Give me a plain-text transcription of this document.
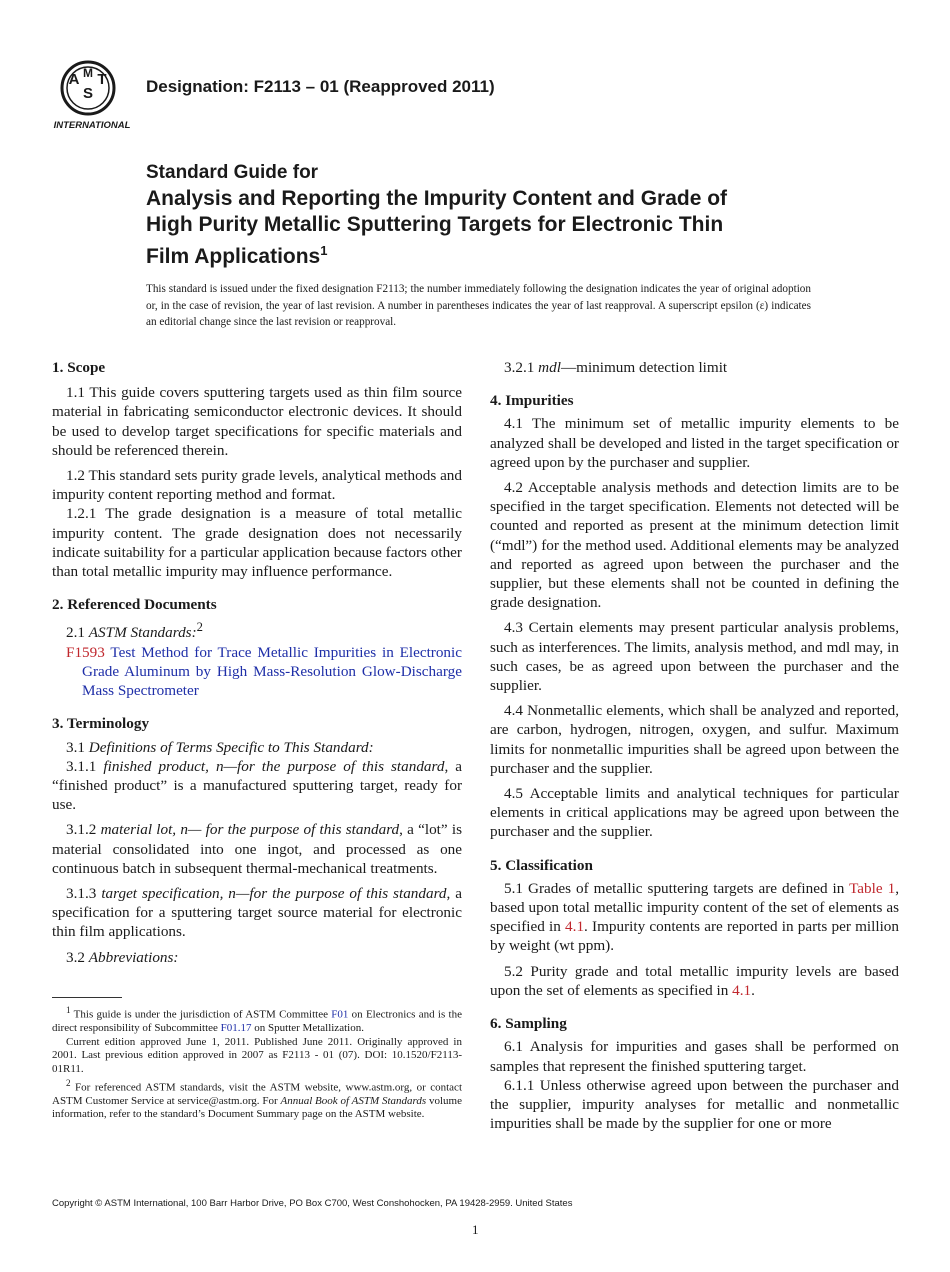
A
S
T
M
INTERNATIONAL
Designation: F2113 – 01 (Reapproved 2011)
Standard Guide for
Analysis and Reporting the Impurity Content and Grade of
High Purity Metallic Sputtering Targets for Electronic Thin
Film Applications$^1$
This standard is issued under the fixed designation F2113; the number immediately following the designation indicates the year of original adoption or, in the case of revision, the year of last revision. A number in parentheses indicates the year of last reapproval. A superscript epsilon (ε) indicates an editorial change since the last revision or reapproval.
1. Scope

1.1 This guide covers sputtering targets used as thin film source material in fabricating semiconductor electronic devices. It should be used to develop target specifications for specific materials and should be referenced therein.

1.2 This standard sets purity grade levels, analytical methods and impurity content reporting method and format.

1.2.1 The grade designation is a measure of total metallic impurity content. The grade designation does not necessarily indicate suitability for a particular application because factors other than total metallic impurity may influence performance.

2. Referenced Documents

2.1 ASTM Standards:$^2$

F1593 Test Method for Trace Metallic Impurities in Electronic Grade Aluminum by High Mass-Resolution Glow-Discharge Mass Spectrometer

3. Terminology

3.1 Definitions of Terms Specific to This Standard:

3.1.1 finished product, n—for the purpose of this standard, a “finished product” is a manufactured sputtering target, ready for use.

3.1.2 material lot, n— for the purpose of this standard, a “lot” is material consolidated into one ingot, and processed as one continuous batch in subsequent thermal-mechanical treatments.

3.1.3 target specification, n—for the purpose of this standard, a specification for a sputtering target source material for electronic thin film applications.

3.2 Abbreviations:

$^1$ This guide is under the jurisdiction of ASTM Committee F01 on Electronics and is the direct responsibility of Subcommittee F01.17 on Sputter Metallization.

Current edition approved June 1, 2011. Published June 2011. Originally approved in 2001. Last previous edition approved in 2007 as F2113 - 01 (07). DOI: 10.1520/F2113-01R11.

$^2$ For referenced ASTM standards, visit the ASTM website, www.astm.org, or contact ASTM Customer Service at service@astm.org. For Annual Book of ASTM Standards volume information, refer to the standard’s Document Summary page on the ASTM website.

3.2.1 mdl—minimum detection limit

4. Impurities

4.1 The minimum set of metallic impurity elements to be analyzed shall be developed and listed in the target specification or agreed upon by the purchaser and supplier.

4.2 Acceptable analysis methods and detection limits are to be specified in the target specification. Elements not detected will be counted and reported as present at the minimum detection limit (“mdl”) for the method used. Additional elements may be analyzed and reported as agreed upon between the purchaser and the supplier, but these elements shall not be counted in defining the grade designation.

4.3 Certain elements may present particular analysis problems, such as interferences. The limits, analysis method, and mdl may, in such cases, be as agreed upon between the purchaser and the supplier.

4.4 Nonmetallic elements, which shall be analyzed and reported, are carbon, hydrogen, nitrogen, oxygen, and sulfur. Maximum limits for nonmetallic impurities shall be agreed upon between the purchaser and the supplier.

4.5 Acceptable limits and analytical techniques for particular elements in critical applications may be agreed upon between the purchaser and the supplier.

5. Classification

5.1 Grades of metallic sputtering targets are defined in Table 1, based upon total metallic impurity content of the set of elements as specified in 4.1. Impurity contents are reported in parts per million by weight (wt ppm).

5.2 Purity grade and total metallic impurity levels are based upon the set of elements as specified in 4.1.

6. Sampling

6.1 Analysis for impurities and gases shall be performed on samples that represent the finished sputtering target.

6.1.1 Unless otherwise agreed upon between the purchaser and the supplier, impurity analyses for metallic and nonmetallic impurities shall be made by the supplier for one or more

Copyright © ASTM International, 100 Barr Harbor Drive, PO Box C700, West Conshohocken, PA 19428-2959. United States
1
